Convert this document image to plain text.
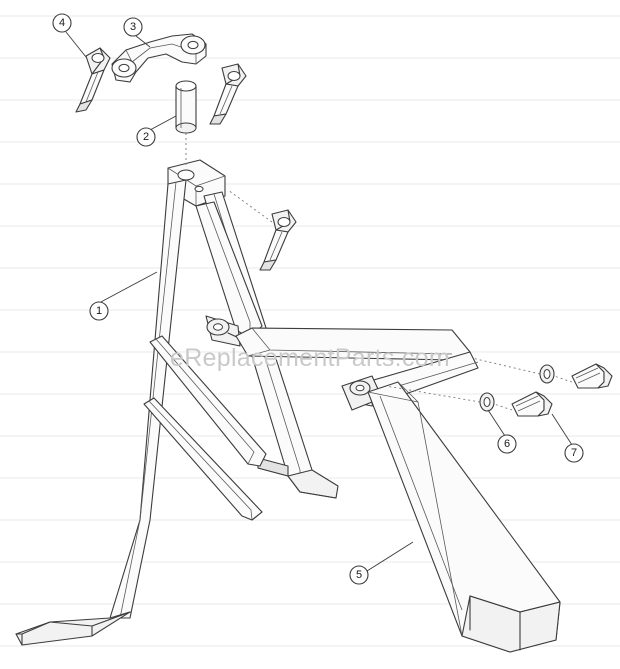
1
2
3
4
5
6
7
eReplacementParts.com
